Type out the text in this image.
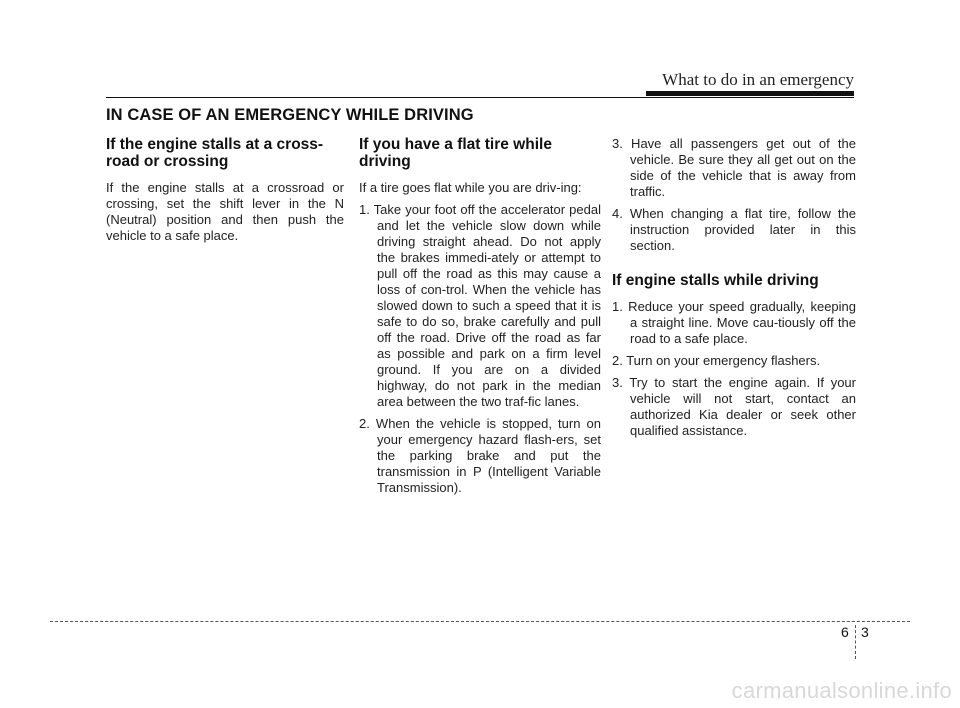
What to do in an emergency
IN CASE OF AN EMERGENCY WHILE DRIVING
If the engine stalls at a cross-
road or crossing

If the engine stalls at a crossroad or crossing, set the shift lever in the N (Neutral) position and then push the vehicle to a safe place.

If you have a flat tire while
driving

If a tire goes flat while you are driv-ing:

1. Take your foot off the accelerator pedal and let the vehicle slow down while driving straight ahead. Do not apply the brakes immedi-ately or attempt to pull off the road as this may cause a loss of con-trol. When the vehicle has slowed down to such a speed that it is safe to do so, brake carefully and pull off the road. Drive off the road as far as possible and park on a firm level ground. If you are on a divided highway, do not park in the median area between the two traf-fic lanes.
2. When the vehicle is stopped, turn on your emergency hazard flash-ers, set the parking brake and put the transmission in P (Intelligent Variable Transmission).
3. Have all passengers get out of the vehicle. Be sure they all get out on the side of the vehicle that is away from traffic.
4. When changing a flat tire, follow the instruction provided later in this section.
If engine stalls while driving
1. Reduce your speed gradually, keeping a straight line. Move cau-tiously off the road to a safe place.
2. Turn on your emergency flashers.
3. Try to start the engine again. If your vehicle will not start, contact an authorized Kia dealer or seek other qualified assistance.
6 3
carmanualsonline.info
